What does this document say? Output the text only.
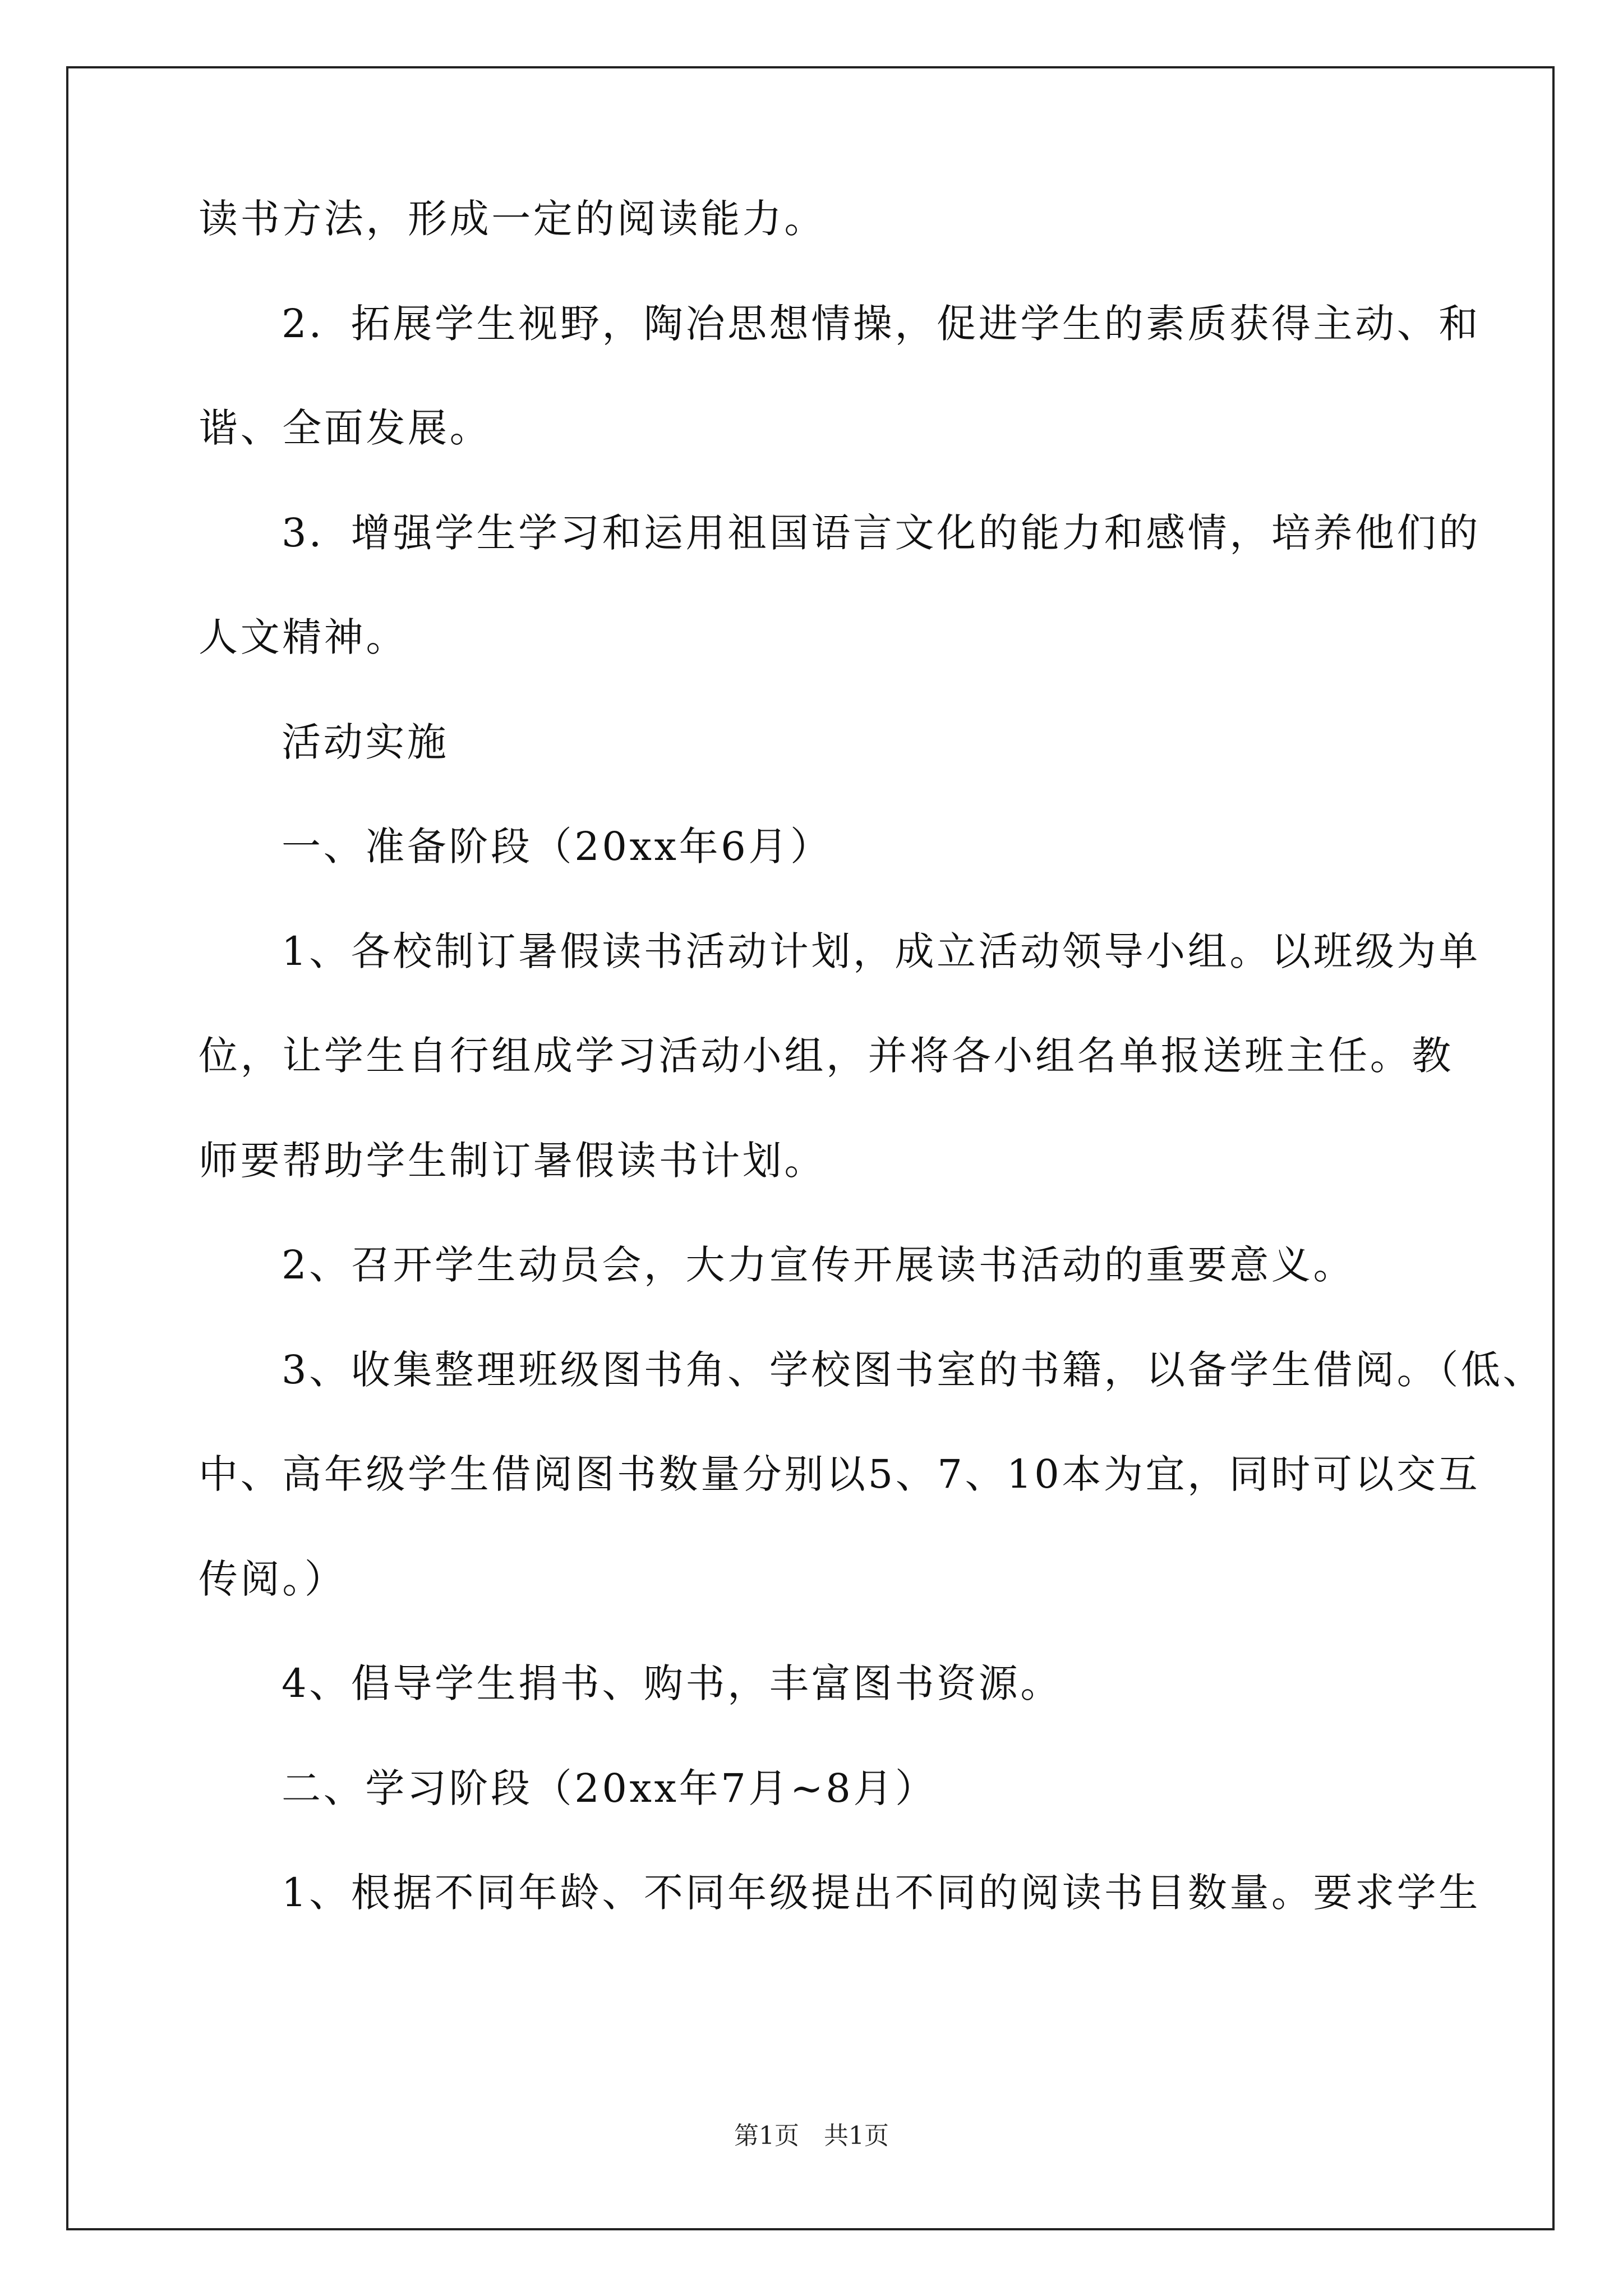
读书方法，形成一定的阅读能力。
2．拓展学生视野，陶冶思想情操，促进学生的素质获得主动、和
谐、全面发展。
3．增强学生学习和运用祖国语言文化的能力和感情，培养他们的
人文精神。
活动实施
一、准备阶段（20xx年6月）
1、各校制订暑假读书活动计划，成立活动领导小组。以班级为单
位，让学生自行组成学习活动小组，并将各小组名单报送班主任。教
师要帮助学生制订暑假读书计划。
2、召开学生动员会，大力宣传开展读书活动的重要意义。
3、收集整理班级图书角、学校图书室的书籍，以备学生借阅。（低、
中、高年级学生借阅图书数量分别以5、7、10本为宜，同时可以交互
传阅。）
4、倡导学生捐书、购书，丰富图书资源。
二、学习阶段（20xx年7月~8月）
1、根据不同年龄、不同年级提出不同的阅读书目数量。要求学生
第1页　共1页
